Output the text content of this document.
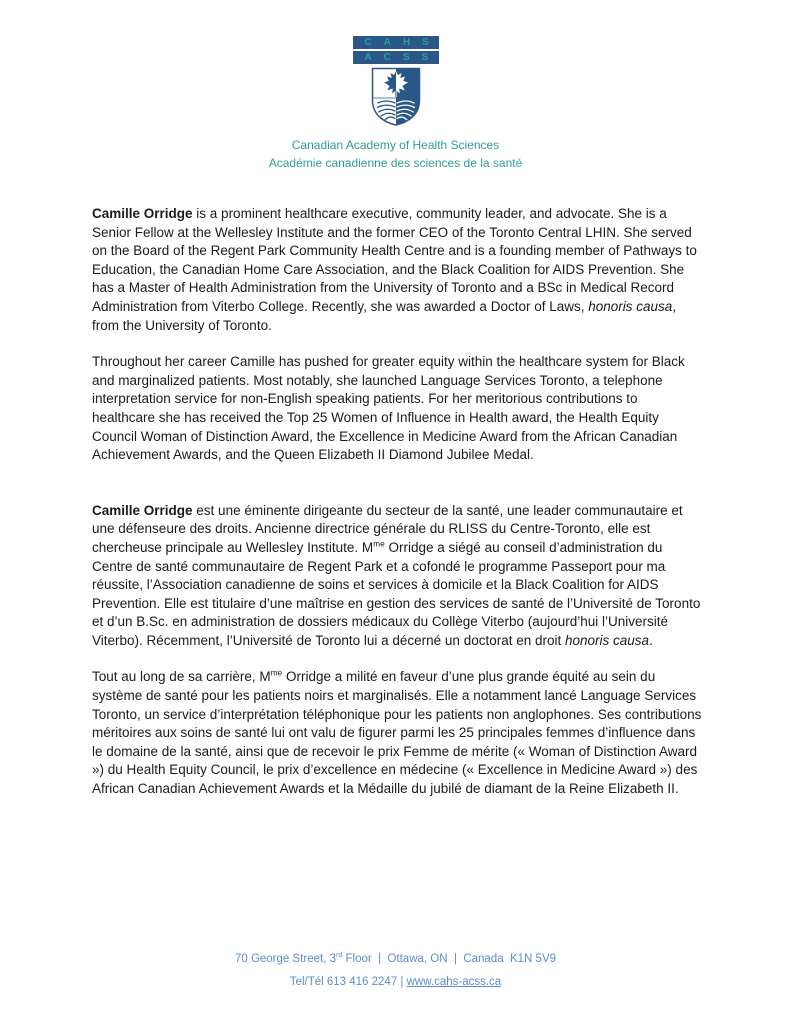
CAHS
ACSS
Canadian Academy of Health Sciences
Académie canadienne des sciences de la santé

Camille Orridge is a prominent healthcare executive, community leader, and advocate. She is a Senior Fellow at the Wellesley Institute and the former CEO of the Toronto Central LHIN. She served on the Board of the Regent Park Community Health Centre and is a founding member of Pathways to Education, the Canadian Home Care Association, and the Black Coalition for AIDS Prevention. She has a Master of Health Administration from the University of Toronto and a BSc in Medical Record Administration from Viterbo College. Recently, she was awarded a Doctor of Laws, honoris causa, from the University of Toronto.

Throughout her career Camille has pushed for greater equity within the healthcare system for Black and marginalized patients. Most notably, she launched Language Services Toronto, a telephone interpretation service for non-English speaking patients. For her meritorious contributions to healthcare she has received the Top 25 Women of Influence in Health award, the Health Equity Council Woman of Distinction Award, the Excellence in Medicine Award from the African Canadian Achievement Awards, and the Queen Elizabeth II Diamond Jubilee Medal.

Camille Orridge est une éminente dirigeante du secteur de la santé, une leader communautaire et une défenseure des droits. Ancienne directrice générale du RLISS du Centre-Toronto, elle est chercheuse principale au Wellesley Institute. $M^{me}$ Orridge a siégé au conseil d’administration du Centre de santé communautaire de Regent Park et a cofondé le programme Passeport pour ma réussite, l’Association canadienne de soins et services à domicile et la Black Coalition for AIDS Prevention. Elle est titulaire d’une maîtrise en gestion des services de santé de l’Université de Toronto et d’un B.Sc. en administration de dossiers médicaux du Collège Viterbo (aujourd’hui l’Université Viterbo). Récemment, l’Université de Toronto lui a décerné un doctorat en droit honoris causa.

Tout au long de sa carrière, $M^{me}$ Orridge a milité en faveur d’une plus grande équité au sein du système de santé pour les patients noirs et marginalisés. Elle a notamment lancé Language Services Toronto, un service d’interprétation téléphonique pour les patients non anglophones. Ses contributions méritoires aux soins de santé lui ont valu de figurer parmi les 25 principales femmes d’influence dans le domaine de la santé, ainsi que de recevoir le prix Femme de mérite (« Woman of Distinction Award ») du Health Equity Council, le prix d’excellence en médecine (« Excellence in Medicine Award ») des African Canadian Achievement Awards et la Médaille du jubilé de diamant de la Reine Elizabeth II.

70 George Street, 3rd Floor  |  Ottawa, ON  |  Canada  K1N 5V9
Tel/Tél 613 416 2247 | www.cahs-acss.ca
